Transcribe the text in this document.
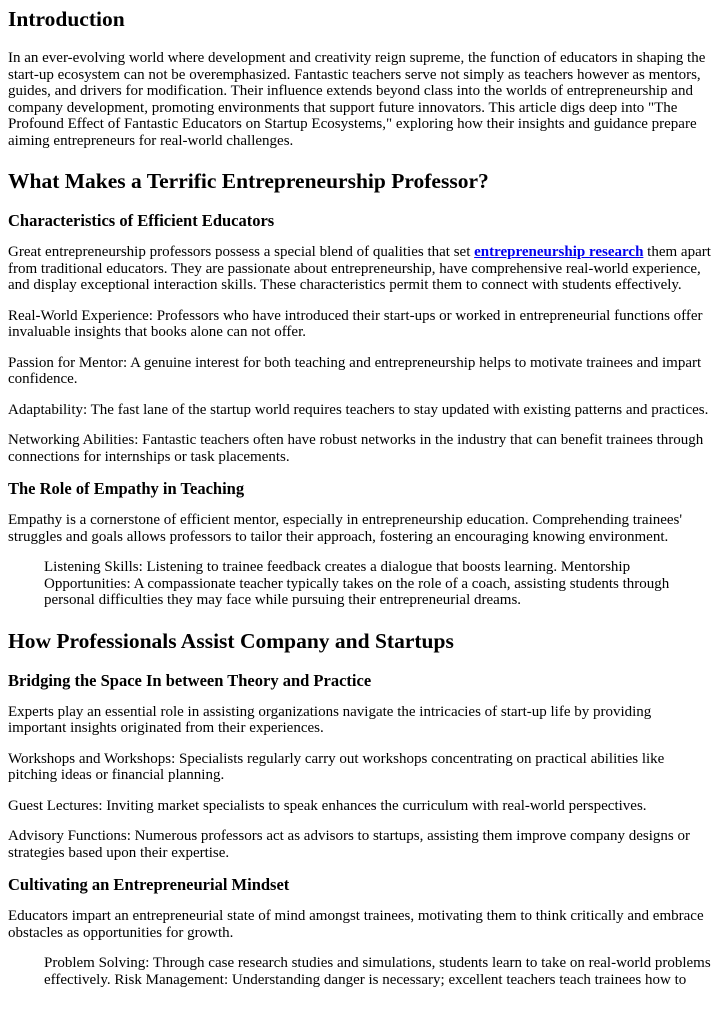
Introduction

In an ever-evolving world where development and creativity reign supreme, the function of educators in shaping the start-up ecosystem can not be overemphasized. Fantastic teachers serve not simply as teachers however as mentors, guides, and drivers for modification. Their influence extends beyond class into the worlds of entrepreneurship and company development, promoting environments that support future innovators. This article digs deep into "The Profound Effect of Fantastic Educators on Startup Ecosystems," exploring how their insights and guidance prepare aiming entrepreneurs for real-world challenges.

What Makes a Terrific Entrepreneurship Professor?
Characteristics of Efficient Educators

Great entrepreneurship professors possess a special blend of qualities that set entrepreneurship research them apart from traditional educators. They are passionate about entrepreneurship, have comprehensive real-world experience, and display exceptional interaction skills. These characteristics permit them to connect with students effectively.

Real-World Experience: Professors who have introduced their start-ups or worked in entrepreneurial functions offer invaluable insights that books alone can not offer.

Passion for Mentor: A genuine interest for both teaching and entrepreneurship helps to motivate trainees and impart confidence.

Adaptability: The fast lane of the startup world requires teachers to stay updated with existing patterns and practices.

Networking Abilities: Fantastic teachers often have robust networks in the industry that can benefit trainees through connections for internships or task placements.

The Role of Empathy in Teaching

Empathy is a cornerstone of efficient mentor, especially in entrepreneurship education. Comprehending trainees' struggles and goals allows professors to tailor their approach, fostering an encouraging knowing environment.

Listening Skills: Listening to trainee feedback creates a dialogue that boosts learning. Mentorship Opportunities: A compassionate teacher typically takes on the role of a coach, assisting students through personal difficulties they may face while pursuing their entrepreneurial dreams.
How Professionals Assist Company and Startups
Bridging the Space In between Theory and Practice

Experts play an essential role in assisting organizations navigate the intricacies of start-up life by providing important insights originated from their experiences.

Workshops and Workshops: Specialists regularly carry out workshops concentrating on practical abilities like pitching ideas or financial planning.

Guest Lectures: Inviting market specialists to speak enhances the curriculum with real-world perspectives.

Advisory Functions: Numerous professors act as advisors to startups, assisting them improve company designs or strategies based upon their expertise.

Cultivating an Entrepreneurial Mindset

Educators impart an entrepreneurial state of mind amongst trainees, motivating them to think critically and embrace obstacles as opportunities for growth.

Problem Solving: Through case research studies and simulations, students learn to take on real-world problems effectively. Risk Management: Understanding danger is necessary; excellent teachers teach trainees how to
